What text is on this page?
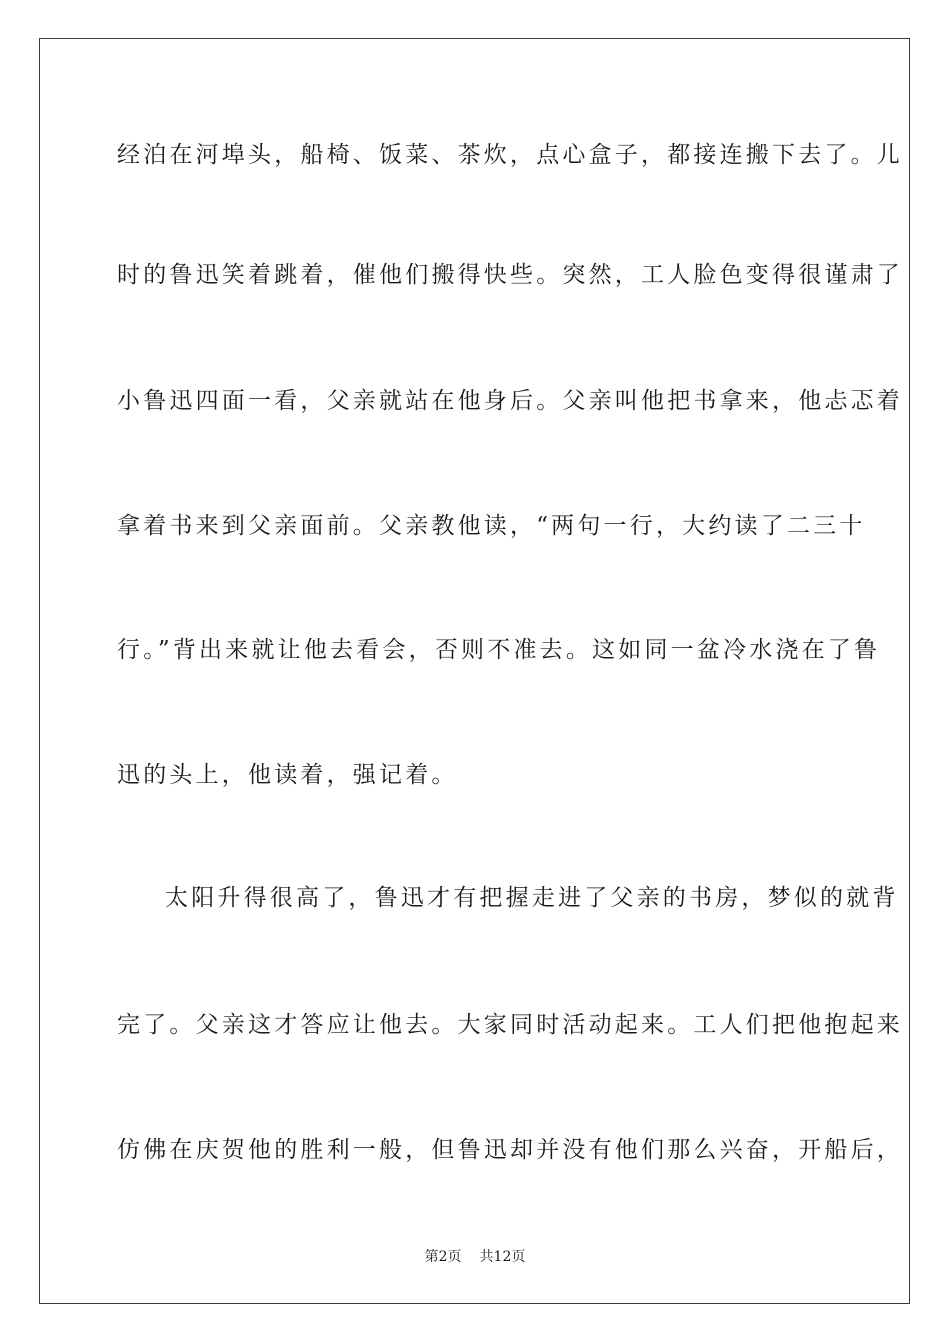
经泊在河埠头，船椅、饭菜、茶炊，点心盒子，都接连搬下去了。儿
时的鲁迅笑着跳着，催他们搬得快些。突然，工人脸色变得很谨肃了
小鲁迅四面一看，父亲就站在他身后。父亲叫他把书拿来，他忐忑着
拿着书来到父亲面前。父亲教他读，“两句一行，大约读了二三十
行。”背出来就让他去看会，否则不准去。这如同一盆冷水浇在了鲁
迅的头上，他读着，强记着。
太阳升得很高了，鲁迅才有把握走进了父亲的书房，梦似的就背
完了。父亲这才答应让他去。大家同时活动起来。工人们把他抱起来
仿佛在庆贺他的胜利一般，但鲁迅却并没有他们那么兴奋，开船后，
第2页 共12页
